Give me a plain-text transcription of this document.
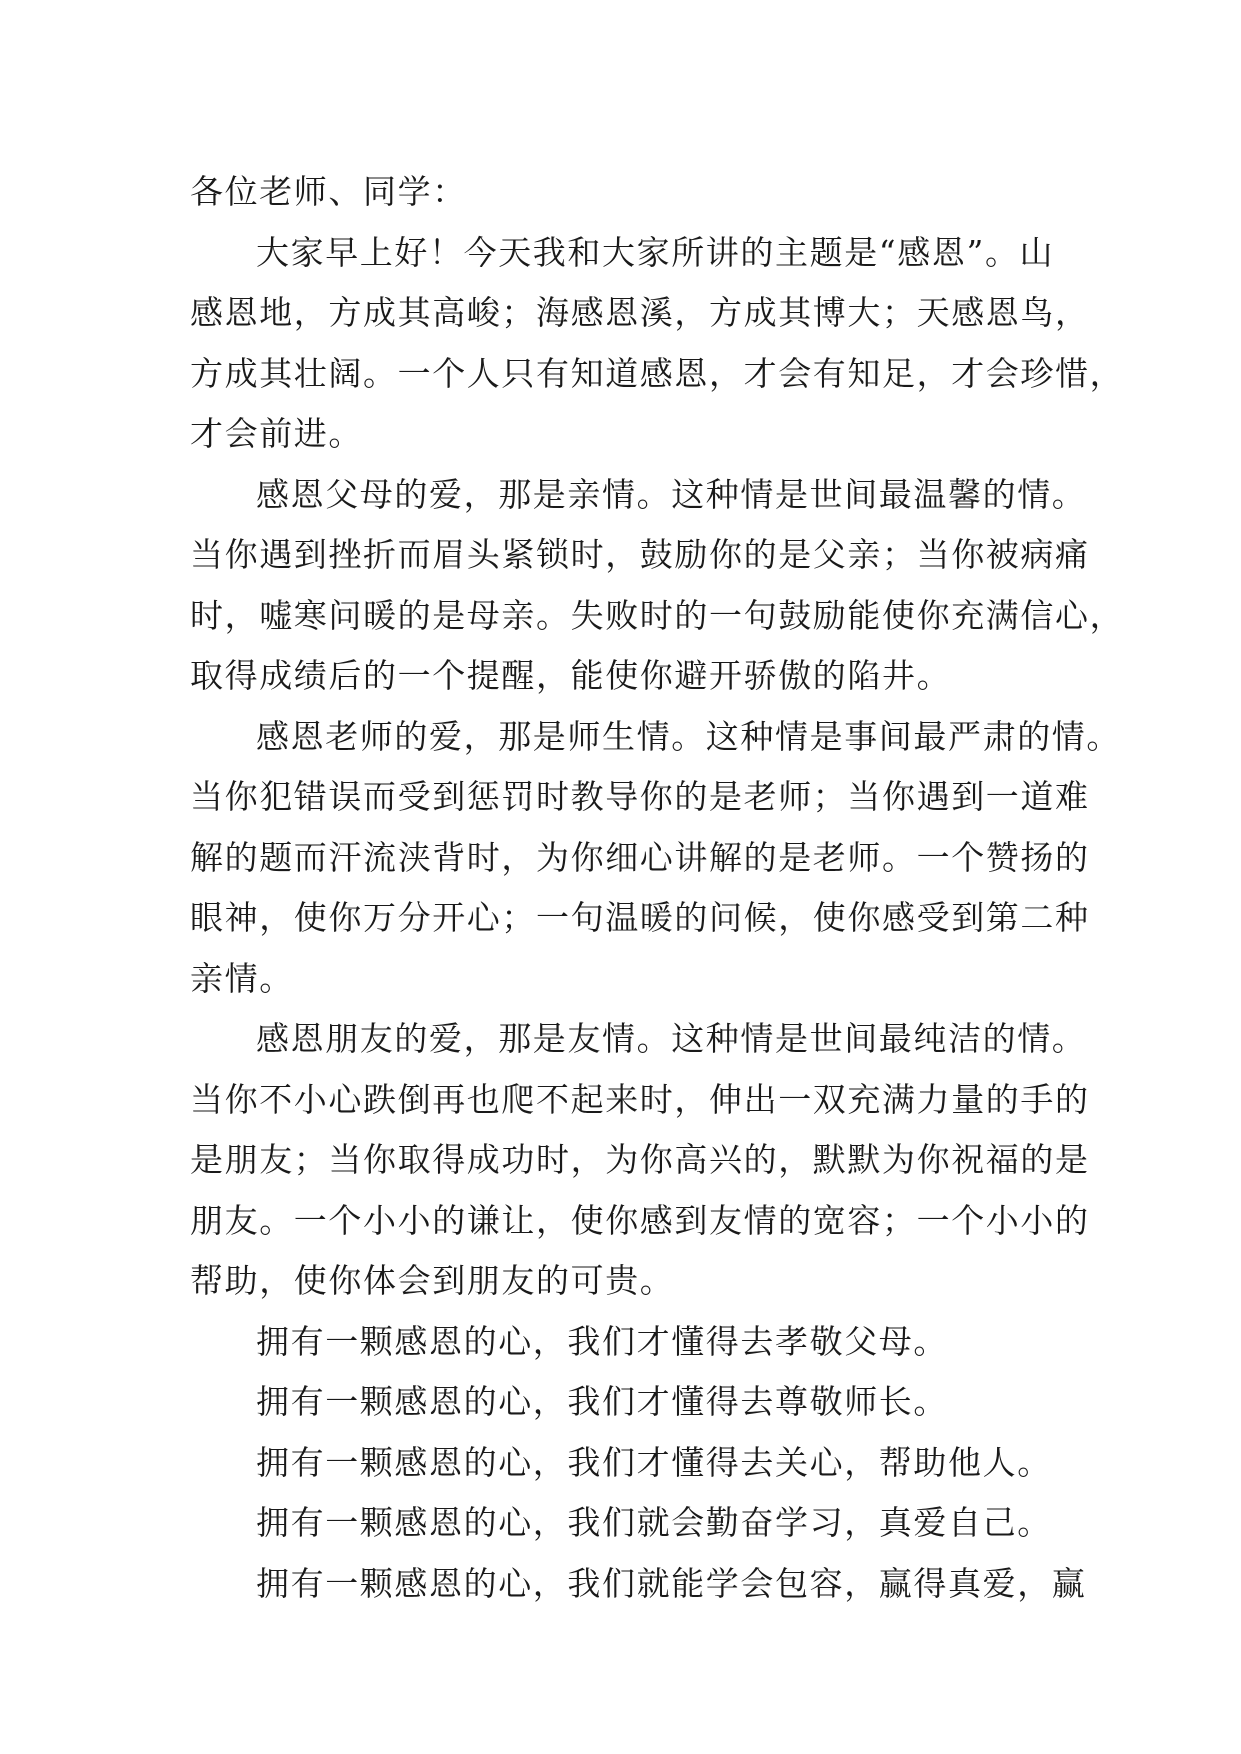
各位老师、同学：
大家早上好！今天我和大家所讲的主题是“感恩”。山
感恩地，方成其高峻；海感恩溪，方成其博大；天感恩鸟，
方成其壮阔。一个人只有知道感恩，才会有知足，才会珍惜，
才会前进。
感恩父母的爱，那是亲情。这种情是世间最温馨的情。
当你遇到挫折而眉头紧锁时，鼓励你的是父亲；当你被病痛
时，嘘寒问暖的是母亲。失败时的一句鼓励能使你充满信心，
取得成绩后的一个提醒，能使你避开骄傲的陷井。
感恩老师的爱，那是师生情。这种情是事间最严肃的情。
当你犯错误而受到惩罚时教导你的是老师；当你遇到一道难
解的题而汗流浃背时，为你细心讲解的是老师。一个赞扬的
眼神，使你万分开心；一句温暖的问候，使你感受到第二种
亲情。
感恩朋友的爱，那是友情。这种情是世间最纯洁的情。
当你不小心跌倒再也爬不起来时，伸出一双充满力量的手的
是朋友；当你取得成功时，为你高兴的，默默为你祝福的是
朋友。一个小小的谦让，使你感到友情的宽容；一个小小的
帮助，使你体会到朋友的可贵。
拥有一颗感恩的心，我们才懂得去孝敬父母。
拥有一颗感恩的心，我们才懂得去尊敬师长。
拥有一颗感恩的心，我们才懂得去关心，帮助他人。
拥有一颗感恩的心，我们就会勤奋学习，真爱自己。
拥有一颗感恩的心，我们就能学会包容，赢得真爱，赢
